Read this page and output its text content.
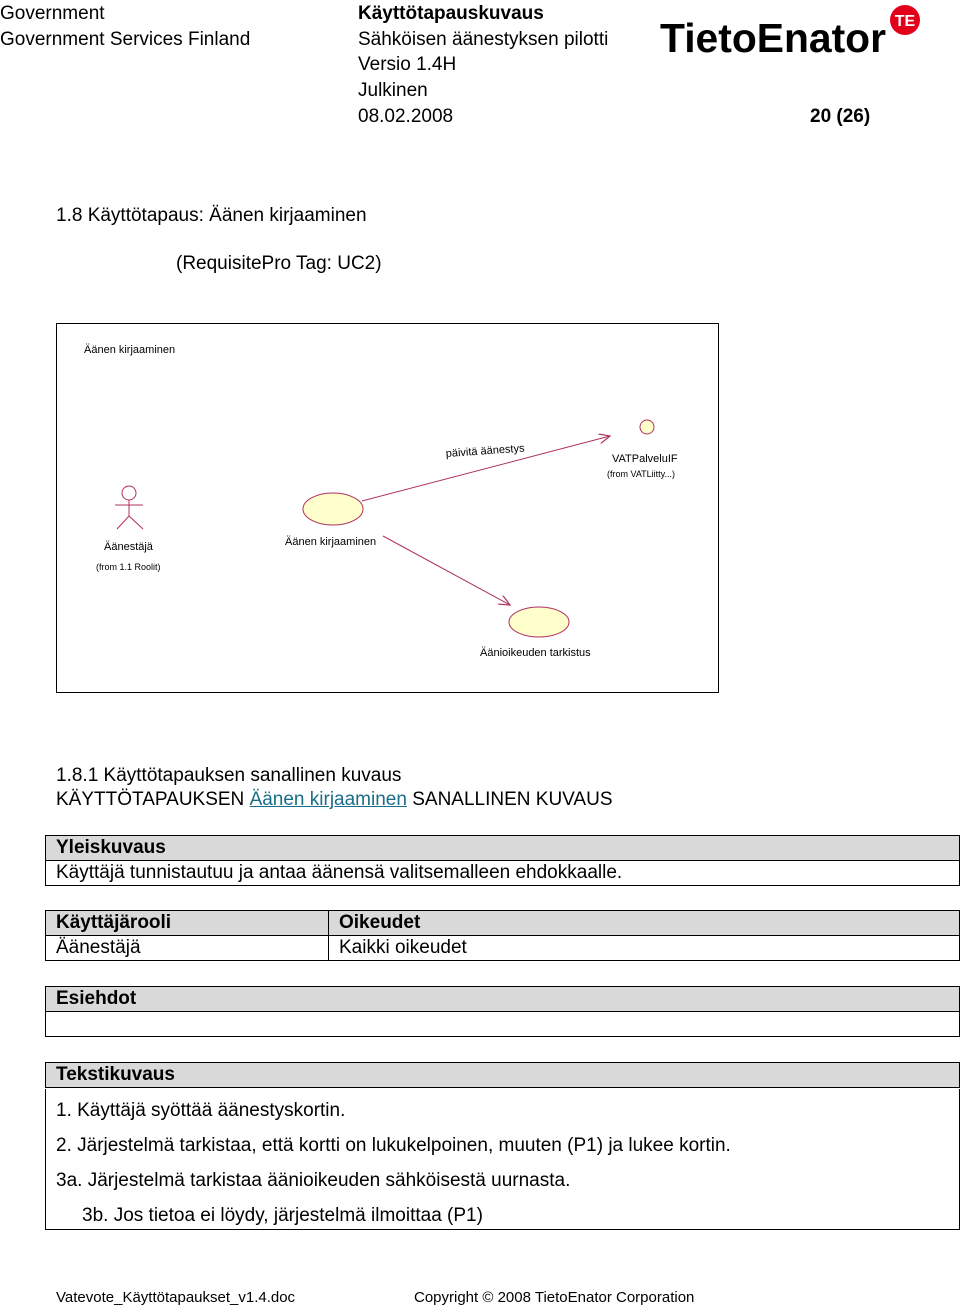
Government
Government Services Finland
Käyttötapauskuvaus
Sähköisen äänestyksen pilotti
Versio 1.4H
Julkinen
08.02.2008	20 (26)
TietoEnator TE
1.8 Käyttötapaus: Äänen kirjaaminen
(RequisitePro Tag: UC2)
Äänen kirjaaminen
Äänestäjä
(from 1.1 Roolit)
Äänen kirjaaminen
VATPalveluIF
(from VATLiitty...)
Äänioikeuden tarkistus
päivitä äänestys
1.8.1 Käyttötapauksen sanallinen kuvaus
KÄYTTÖTAPAUKSEN Äänen kirjaaminen SANALLINEN KUVAUS
Yleiskuvaus
Käyttäjä tunnistautuu ja antaa äänensä valitsemalleen ehdokkaalle.
Käyttäjärooli	Oikeudet
Äänestäjä	Kaikki oikeudet
Esiehdot

Tekstikuvaus
1. Käyttäjä syöttää äänestyskortin.
2. Järjestelmä tarkistaa, että kortti on lukukelpoinen, muuten (P1) ja lukee kortin.
3a. Järjestelmä tarkistaa äänioikeuden sähköisestä uurnasta.
3b. Jos tietoa ei löydy, järjestelmä ilmoittaa (P1)
Vatevote_Käyttötapaukset_v1.4.doc	Copyright © 2008 TietoEnator Corporation
